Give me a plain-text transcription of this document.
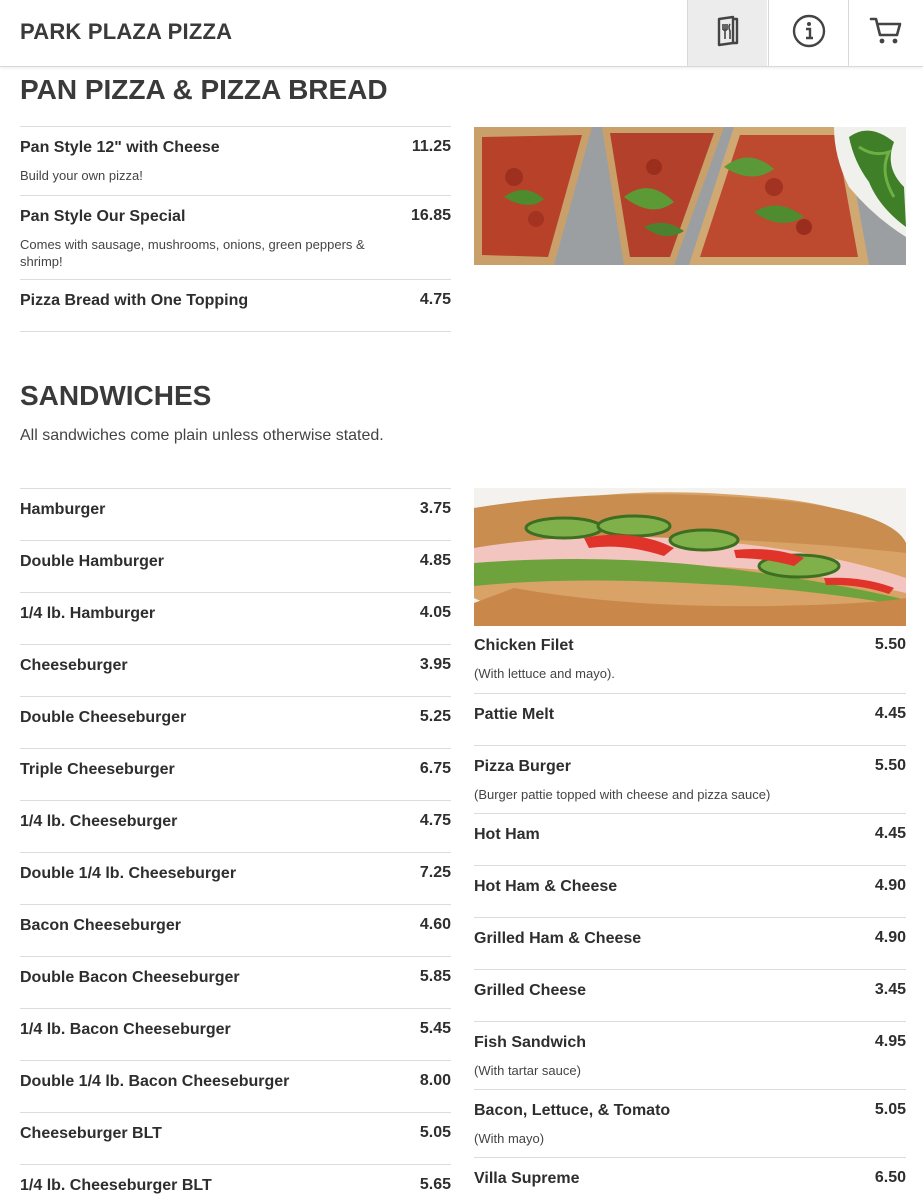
PARK PLAZA PIZZA
PAN PIZZA & PIZZA BREAD
Pan Style 12" with Cheese	11.25
Build your own pizza!
Pan Style Our Special	16.85
Comes with sausage, mushrooms, onions, green peppers & shrimp!
Pizza Bread with One Topping	4.75
SANDWICHES
All sandwiches come plain unless otherwise stated.
Hamburger	3.75
Double Hamburger	4.85
1/4 lb. Hamburger	4.05
Cheeseburger	3.95
Double Cheeseburger	5.25
Triple Cheeseburger	6.75
1/4 lb. Cheeseburger	4.75
Double 1/4 lb. Cheeseburger	7.25
Bacon Cheeseburger	4.60
Double Bacon Cheeseburger	5.85
1/4 lb. Bacon Cheeseburger	5.45
Double 1/4 lb. Bacon Cheeseburger	8.00
Cheeseburger BLT	5.05
1/4 lb. Cheeseburger BLT	5.65
Chicken Filet	5.50
(With lettuce and mayo).
Pattie Melt	4.45
Pizza Burger	5.50
(Burger pattie topped with cheese and pizza sauce)
Hot Ham	4.45
Hot Ham & Cheese	4.90
Grilled Ham & Cheese	4.90
Grilled Cheese	3.45
Fish Sandwich	4.95
(With tartar sauce)
Bacon, Lettuce, & Tomato	5.05
(With mayo)
Villa Supreme	6.50
